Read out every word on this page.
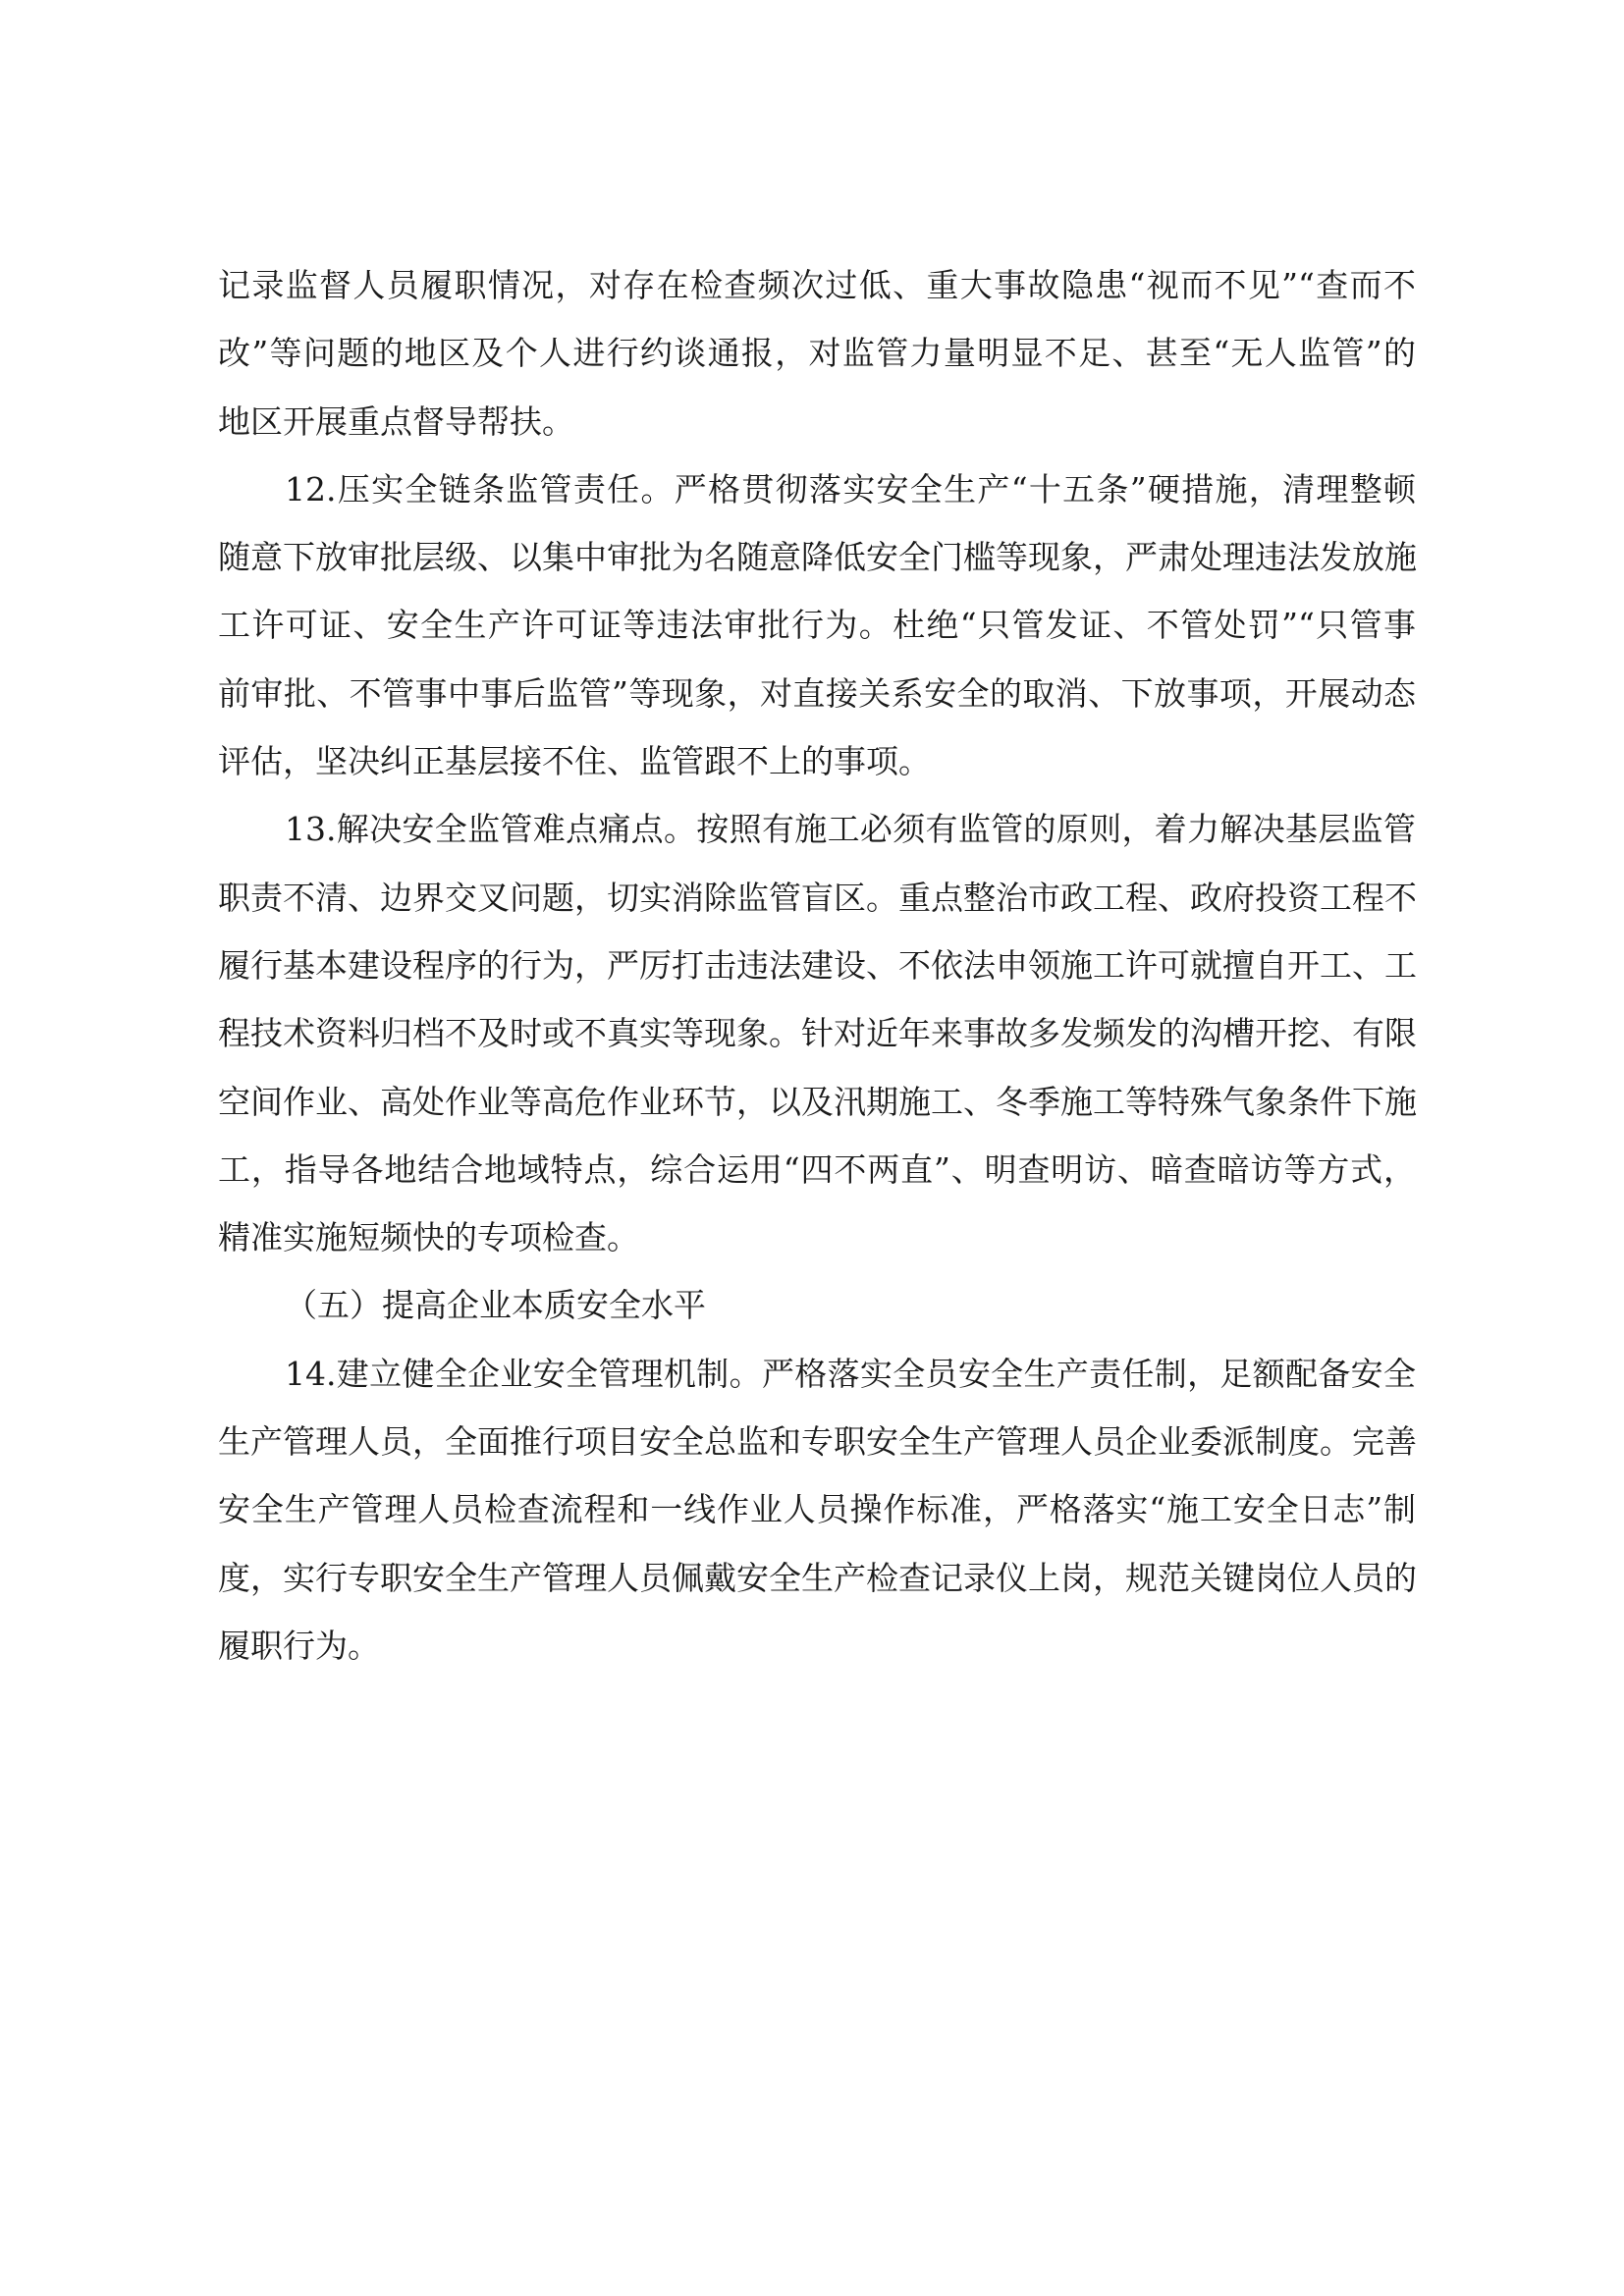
记录监督人员履职情况，对存在检查频次过低、重大事故隐患“视而不见”“查而不
改”等问题的地区及个人进行约谈通报，对监管力量明显不足、甚至“无人监管”的
地区开展重点督导帮扶。

12.压实全链条监管责任。严格贯彻落实安全生产“十五条”硬措施，清理整顿
随意下放审批层级、以集中审批为名随意降低安全门槛等现象，严肃处理违法发放施
工许可证、安全生产许可证等违法审批行为。杜绝“只管发证、不管处罚”“只管事
前审批、不管事中事后监管”等现象，对直接关系安全的取消、下放事项，开展动态
评估，坚决纠正基层接不住、监管跟不上的事项。

13.解决安全监管难点痛点。按照有施工必须有监管的原则，着力解决基层监管
职责不清、边界交叉问题，切实消除监管盲区。重点整治市政工程、政府投资工程不
履行基本建设程序的行为，严厉打击违法建设、不依法申领施工许可就擅自开工、工
程技术资料归档不及时或不真实等现象。针对近年来事故多发频发的沟槽开挖、有限
空间作业、高处作业等高危作业环节，以及汛期施工、冬季施工等特殊气象条件下施
工，指导各地结合地域特点，综合运用“四不两直”、明查明访、暗查暗访等方式，
精准实施短频快的专项检查。

（五）提高企业本质安全水平

14.建立健全企业安全管理机制。严格落实全员安全生产责任制，足额配备安全
生产管理人员，全面推行项目安全总监和专职安全生产管理人员企业委派制度。完善
安全生产管理人员检查流程和一线作业人员操作标准，严格落实“施工安全日志”制
度，实行专职安全生产管理人员佩戴安全生产检查记录仪上岗，规范关键岗位人员的
履职行为。
